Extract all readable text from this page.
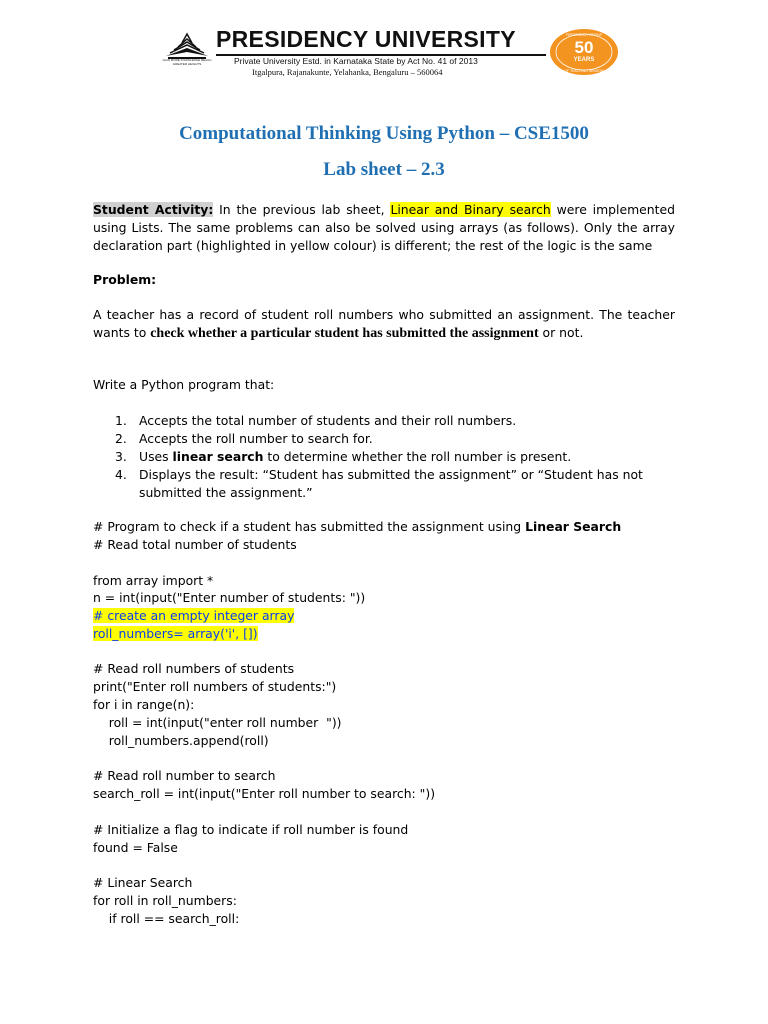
GAIN MORE KNOWLEDGE REACH GREATER HEIGHTS
PRESIDENCY UNIVERSITY
Private University Estd. in Karnataka State by Act No. 41 of 2013
Itgalpura, Rajanakunte, Yelahanka, Bengaluru – 560064
PRESIDENCY GROUP
OF TEACHING WISDOM
50
YEARS
Computational Thinking Using Python – CSE1500
Lab sheet – 2.3
Student Activity: In the previous lab sheet, Linear and Binary search were implemented using Lists. The same problems can also be solved using arrays (as follows). Only the array declaration part (highlighted in yellow colour) is different; the rest of the logic is the same
Problem:
A teacher has a record of student roll numbers who submitted an assignment. The teacher wants to check whether a particular student has submitted the assignment or not.
Write a Python program that:
1. Accepts the total number of students and their roll numbers.
2. Accepts the roll number to search for.
3. Uses linear search to determine whether the roll number is present.
4. Displays the result: “Student has submitted the assignment” or “Student has not submitted the assignment.”
# Program to check if a student has submitted the assignment using Linear Search
# Read total number of students
from array import *
n = int(input("Enter number of students: "))
# create an empty integer array
roll_numbers= array('i', [])
# Read roll numbers of students
print("Enter roll numbers of students:")
for i in range(n):
roll = int(input("enter roll number  "))
roll_numbers.append(roll)
# Read roll number to search
search_roll = int(input("Enter roll number to search: "))
# Initialize a flag to indicate if roll number is found
found = False
# Linear Search
for roll in roll_numbers:
if roll == search_roll:
